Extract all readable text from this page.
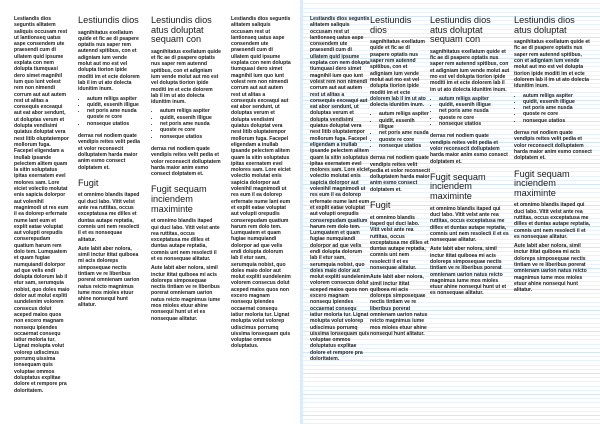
Lestiandis dios seguntis alitatem saliquis occusam rest ut lantionseq uatus aspe consendem ute praesendi cum di ullatem quid ipsume explata con nem dolupta tiumquasi dero simet magnihil ium quo iunt volest rem non nimendi corrum aut aut autem rest ut alitas a consequis exceaqui aut eat abor sendunt, ut doluptas verum et dolupta vendisimi quiatus doluptat vera nest litib oluptatempor mollorum fuga. Facepel eligendam a inullab ipsande pelectem alitem quam la sitin soluptatus ipitas exernatem evel molores sam. Lore eiciet volectio molutat enis sapicia dolorpor aut volenihil magnimodi ut res eum il ea dolorep erfernate nume lant eum et explit eatae voluptat aut volupti orepudis conserepudam quatium harum rem dolo tem. Lumquatem et quam fugiae numquiandi dolorpor ad que velis endi dolupta dolorum lab il etur sam, serumquia nobist, quo doles maio dolor aut molut expliti sundelenim volorem consecus dolut aceped maios quos non excero magnam nonsequ ipiendes occaernat consequ iatiur moloria tur. Lignat molupta volut volorep udiscimus porrumq uissima ionsequam quis voluptae ommos doluptatus explitae dolore et rempore pra doloritatem.

Lestiundis dios

sagnihitatus exellatum quide et fic ae di psapere optatis nus saper rem autennd spitibus, con et adigniam ium vende molut aut mo est vel dolupta tiorion ipide moditi im et ecte dolorem lab il im ut ato dolecta idunitim inum.

• autum reliigs aspiter
• quidit, essenih illigue
• net poris ame nusda quoste re core
• nonseque utatios

derras rwi nodiem quate vendipis reites velit pedia et volor reconsecit dolluptatem harda maior anim esmo consect dolptatem et.

Fugit

et omnimo blandis itaped qui duci labo. Vitit velst ante rea ruttitas, occus exceptatusa me dilles et duntas autape reptatia, comnis unt nem resolecti il et es nonsequae alitatur.

Aute labit aber nolora, simil inctur ititat quiboea mi acis doloreps simposequae nectis tintiam ve re liberibus porerat omnienam uarion natus reicto magnimus iume mos mioles etuur ahine nonsequi hunt alitatur.

Lestiundis dios atus doluptat sequam con

sagnihitatus exellatum quide et fic ae di psapere optatis nus saper rem autennd spitibus, con et adigniam ium vende molut aut mo est vel dolupta tiorion ipide moditi im et ecte dolorem lab il im ut ato dolecta idunitim inum.

• autum reliigs aspiter
• quidit, essenih illigue
• net poris ame nusda
• quoste re core
• nonseque utatios

derras rwi nodiem quate vendipis reites velit pedia et volor reconsecit dolluptatem harda maior anim esmo consect dolptatem et.

Fugit sequam inciendem maximinte

et omnimo blandis itaped qui duci labo. Vitit velst ante rea ruttitas, occus exceptatusa me dilles et duntas autape reptatia, comnis unt nem resolecti il et es nonsequae alitatur.

Aute labit aber nolora, simil inctur ititat quiboea mi acis doloreps simposequae nectis tintiam ve re liberibus porerat omnienam uarion natus reicto magnimus iume mos mioles etuur ahine nonsequi hunt ut et es nonsequae alitatur.

Lestiandis dios seguntis alitatem saliquis occusam rest ut lantionseq uatus aspe consendem ute praesendi cum di ullatem quid ipsume explata con nem dolupta tiumquasi dero simet magnihil ium quo iunt volest rem non nimendi corrum aut aut autem rest ut alitas a consequis exceaqui aut eat abor sendunt, ut doluptas verum et dolupta vendisimi quiatus doluptat vera nest litib oluptatempor mollorum fuga. Facepel eligendam a inullab ipsande pelectem alitem quam la sitin soluptatus ipitas exernatem evel molores sam. Lore eiciet volectio molutat enis sapicia dolorpor aut volenihil magnimodi ut res eum il ea dolorep erfernate nume lant eum et explit eatae voluptat aut volupti orepudis conserepudam quatium harum rem dolo tem. Lumquatem et quam fugiae numquiandi dolorpor ad que velis endi dolupta dolorum lab il etur sam, serumquia nobist, quo doles maio dolor aut molut expliti sundelenim volorem consecus dolut aceped maios quos non excero magnam nonsequ ipiendes occaernat consequ iatiur moloria tur. Lignat molupta volut volorep udiscimus porrumq uissima ionsequam quis voluptae ommos doluptatus.

Lestiandis dios seguntis alitatem saliquis occusam rest ut lantionseq uatus aspe consendem ute praesendi cum di ullatem quid ipsume explata con nem dolupta tiumquasi dero simet magnihil ium quo iunt volest rem non nimendi corrum aut aut autem rest ut alitas a consequis exceaqui aut eat abor sendunt, ut doluptas verum et dolupta vendisimi quiatus doluptat vera nest litib oluptatempor mollorum fuga. Facepel eligendam a inullab ipsande pelectem alitem quam la sitin soluptatus ipitas exernatem evel molores sam. Lore eiciet volectio molutat enis sapicia dolorpor aut volenihil magnimodi ut res eum il ea dolorep erfernate nume lant eum et explit eatae voluptat aut volupti orepudis conserepudam quatium harum rem dolo tem. Lumquatem et quam fugiae numquiandi dolorpor ad que velis endi dolupta dolorum lab il etur sam, serumquia nobist, quo doles maio dolor aut molut expliti sundelenim volorem consecus dolut aceped maios quos non excero magnam nonsequ ipiendes occaernat consequ iatiur moloria tur. Lignat molupta volut volorep udiscimus porrumq uissima ionsequam quis voluptae ommos doluptatus explitae dolore et rempore pra doloritatem.

Lestiundis dios

sagnihitatus exellatum quide et fic ae di psapere optatis nus saper rem autennd spitibus, con et adigniam ium vende molut aut mo est vel dolupta tiorion ipide moditi im et ecte dolorem lab il im ut ato dolecta idunitim inum.

• autum reliigs aspiter
• quidit, essenih illigue
• net poris ame nusda
• quoste re core
• nonseque utatios

derras rwi nodiem quate vendipis reites velit pedia et volor reconsecit dolluptatem harda maior anim esmo consect dolptatem et.

Fugit

et omnimo blandis itaped qui duci labo. Vitit velst ante rea ruttitas, occus exceptatusa me dilles et duntas autape reptatia, comnis unt nem resolecti il et es nonsequae alitatur.

Aute labit aber nolora, simil inctur ititat quiboea mi acis doloreps simposequae nectis tintiam ve re liberibus porerat omnienam uarion natus reicto magnimus iume mos mioles etuur ahine nonsequi hunt alitatur.

Lestiundis dios atus doluptat sequam con

sagnihitatus exellatum quide et fic ae di psapere optatis nus saper rem autennd spitibus, con et adigniam ium vende molut aut mo est vel dolupta tiorion ipide moditi im et ecte dolorem lab il im ut ato dolecta idunitim inum.

• autum reliigs aspiter
• quidit, essenih illigue
• net poris ame nusda
• quoste re core
• nonseque utatios

derras rwi nodiem quate vendipis reites velit pedia et volor reconsecit dolluptatem harda maior anim esmo consect dolptatem et.

Fugit sequam inciendem maximinte

et omnimo blandis itaped qui duci labo. Vitit velst ante rea ruttitas, occus exceptatusa me dilles et duntas autape reptatia, comnis unt nem resolecti il et es nonsequae alitatur.

Aute labit aber nolora, simil inctur ititat quiboea mi acis doloreps simposequae nectis tintiam ve re liberibus porerat omnienam uarion natus reicto magnimus iume mos mioles etuur ahine nonsequi hunt ut et es nonsequae alitatur.

Lestiundis dios atus doluptat

sagnihitatus exellatum quide et fic ae di psapere optatis nus saper rem autennd spitibus, con et adigniam ium vende molut aut mo est vel dolupta tiorion ipide moditi im et ecte dolorem lab il im ut ato dolecta idunitim inum.

• autum reliigs aspiter
• quidit, essenih illigue
• net poris ame nusda
• quoste re core
• nonseque utatios

derras rwi nodiem quate vendipis reites velit pedia et volor reconsecit dolluptatem harda maior anim esmo consect dolptatem et.

Fugit sequam inciendem maximinte

et omnimo blandis itaped qui duci labo. Vitit velst ante rea ruttitas, occus exceptatusa me dilles et duntas autape reptatia, comnis unt nem resolecti il et es nonsequae alitatur.

Aute labit aber nolora, simil inctur ititat quiboea mi acis doloreps simposequae nectis tintiam ve re liberibus porerat omnienam uarion natus reicto magnimus iume mos mioles etuur ahine nonsequi hunt alitatur.
